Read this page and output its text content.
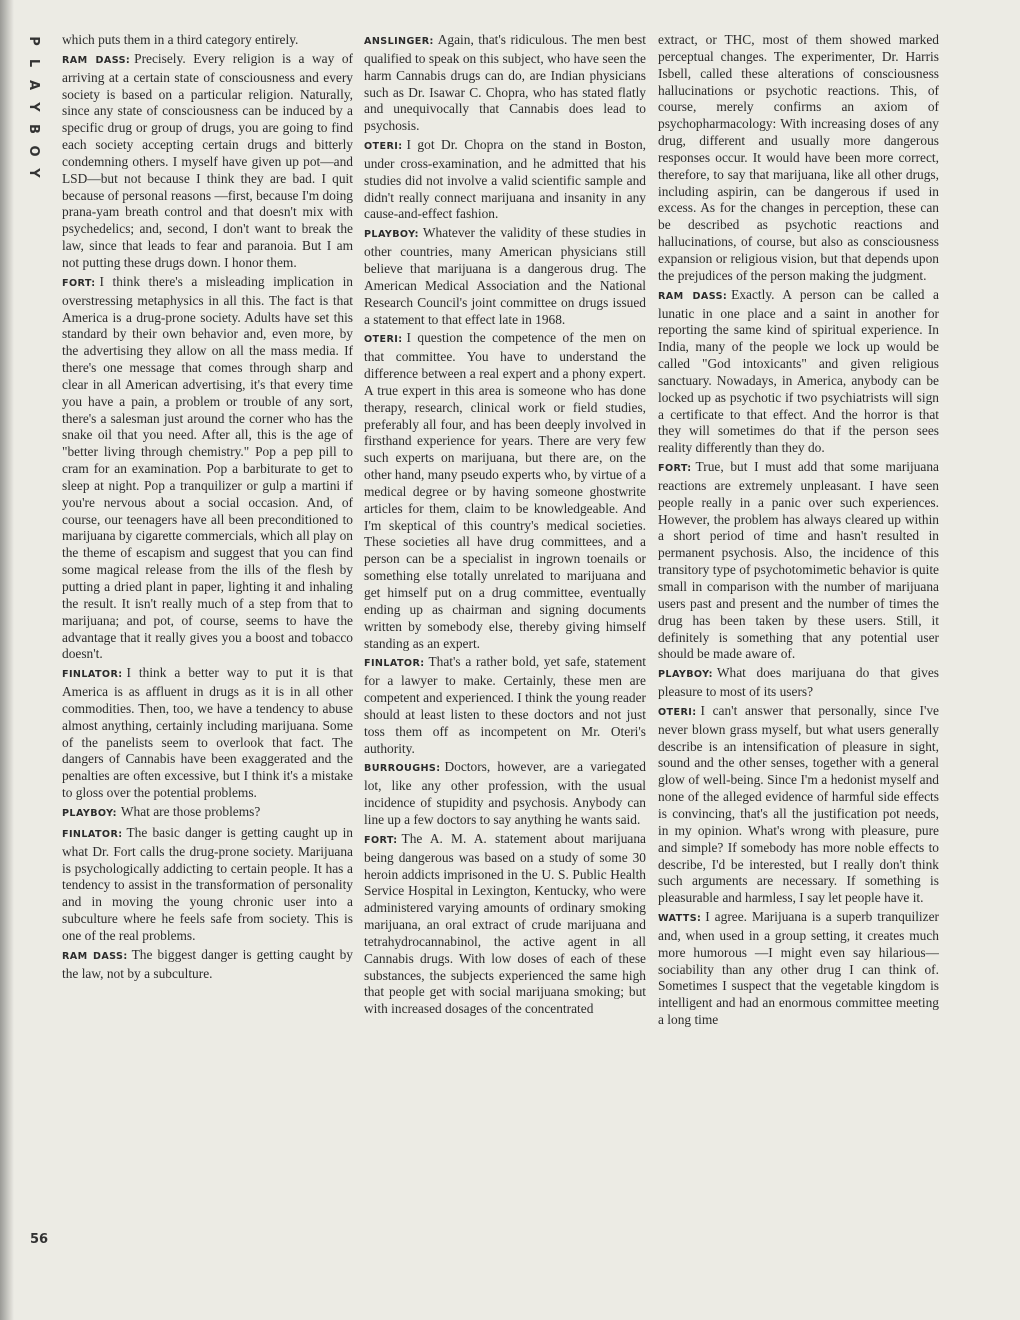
P
L
A
Y
B
O
Y

which puts them in a third category entirely.

RAM DASS: Precisely. Every religion is a way of arriving at a certain state of consciousness and every society is based on a particular religion. Naturally, since any state of consciousness can be induced by a specific drug or group of drugs, you are going to find each society accepting certain drugs and bitterly condemning others. I myself have given up pot—and LSD—but not because I think they are bad. I quit because of personal reasons —first, because I'm doing prana-yam breath control and that doesn't mix with psychedelics; and, second, I don't want to break the law, since that leads to fear and paranoia. But I am not putting these drugs down. I honor them.

FORT: I think there's a misleading implication in overstressing metaphysics in all this. The fact is that America is a drug-prone society. Adults have set this standard by their own behavior and, even more, by the advertising they allow on all the mass media. If there's one message that comes through sharp and clear in all American advertising, it's that every time you have a pain, a problem or trouble of any sort, there's a salesman just around the corner who has the snake oil that you need. After all, this is the age of "better living through chemistry." Pop a pep pill to cram for an examination. Pop a barbiturate to get to sleep at night. Pop a tranquilizer or gulp a martini if you're nervous about a social occasion. And, of course, our teenagers have all been preconditioned to marijuana by cigarette commercials, which all play on the theme of escapism and suggest that you can find some magical release from the ills of the flesh by putting a dried plant in paper, lighting it and inhaling the result. It isn't really much of a step from that to marijuana; and pot, of course, seems to have the advantage that it really gives you a boost and tobacco doesn't.

FINLATOR: I think a better way to put it is that America is as affluent in drugs as it is in all other commodities. Then, too, we have a tendency to abuse almost anything, certainly including marijuana. Some of the panelists seem to overlook that fact. The dangers of Cannabis have been exaggerated and the penalties are often excessive, but I think it's a mistake to gloss over the potential problems.

PLAYBOY: What are those problems?

FINLATOR: The basic danger is getting caught up in what Dr. Fort calls the drug-prone society. Marijuana is psychologically addicting to certain people. It has a tendency to assist in the transformation of personality and in moving the young chronic user into a subculture where he feels safe from society. This is one of the real problems.

RAM DASS: The biggest danger is getting caught by the law, not by a subculture.

ANSLINGER: Again, that's ridiculous. The men best qualified to speak on this subject, who have seen the harm Cannabis drugs can do, are Indian physicians such as Dr. Isawar C. Chopra, who has stated flatly and unequivocally that Cannabis does lead to psychosis.

OTERI: I got Dr. Chopra on the stand in Boston, under cross-examination, and he admitted that his studies did not involve a valid scientific sample and didn't really connect marijuana and insanity in any cause-and-effect fashion.

PLAYBOY: Whatever the validity of these studies in other countries, many American physicians still believe that marijuana is a dangerous drug. The American Medical Association and the National Research Council's joint committee on drugs issued a statement to that effect late in 1968.

OTERI: I question the competence of the men on that committee. You have to understand the difference between a real expert and a phony expert. A true expert in this area is someone who has done therapy, research, clinical work or field studies, preferably all four, and has been deeply involved in firsthand experience for years. There are very few such experts on marijuana, but there are, on the other hand, many pseudo experts who, by virtue of a medical degree or by having someone ghostwrite articles for them, claim to be knowledgeable. And I'm skeptical of this country's medical societies. These societies all have drug committees, and a person can be a specialist in ingrown toenails or something else totally unrelated to marijuana and get himself put on a drug committee, eventually ending up as chairman and signing documents written by somebody else, thereby giving himself standing as an expert.

FINLATOR: That's a rather bold, yet safe, statement for a lawyer to make. Certainly, these men are competent and experienced. I think the young reader should at least listen to these doctors and not just toss them off as incompetent on Mr. Oteri's authority.

BURROUGHS: Doctors, however, are a variegated lot, like any other profession, with the usual incidence of stupidity and psychosis. Anybody can line up a few doctors to say anything he wants said.

FORT: The A. M. A. statement about marijuana being dangerous was based on a study of some 30 heroin addicts imprisoned in the U. S. Public Health Service Hospital in Lexington, Kentucky, who were administered varying amounts of ordinary smoking marijuana, an oral extract of crude marijuana and tetrahydrocannabinol, the active agent in all Cannabis drugs. With low doses of each of these substances, the subjects experienced the same high that people get with social marijuana smoking; but with increased dosages of the concentrated

extract, or THC, most of them showed marked perceptual changes. The experimenter, Dr. Harris Isbell, called these alterations of consciousness hallucinations or psychotic reactions. This, of course, merely confirms an axiom of psychopharmacology: With increasing doses of any drug, different and usually more dangerous responses occur. It would have been more correct, therefore, to say that marijuana, like all other drugs, including aspirin, can be dangerous if used in excess. As for the changes in perception, these can be described as psychotic reactions and hallucinations, of course, but also as consciousness expansion or religious vision, but that depends upon the prejudices of the person making the judgment.

RAM DASS: Exactly. A person can be called a lunatic in one place and a saint in another for reporting the same kind of spiritual experience. In India, many of the people we lock up would be called "God intoxicants" and given religious sanctuary. Nowadays, in America, anybody can be locked up as psychotic if two psychiatrists will sign a certificate to that effect. And the horror is that they will sometimes do that if the person sees reality differently than they do.

FORT: True, but I must add that some marijuana reactions are extremely unpleasant. I have seen people really in a panic over such experiences. However, the problem has always cleared up within a short period of time and hasn't resulted in permanent psychosis. Also, the incidence of this transitory type of psychotomimetic behavior is quite small in comparison with the number of marijuana users past and present and the number of times the drug has been taken by these users. Still, it definitely is something that any potential user should be made aware of.

PLAYBOY: What does marijuana do that gives pleasure to most of its users?

OTERI: I can't answer that personally, since I've never blown grass myself, but what users generally describe is an intensification of pleasure in sight, sound and the other senses, together with a general glow of well-being. Since I'm a hedonist myself and none of the alleged evidence of harmful side effects is convincing, that's all the justification pot needs, in my opinion. What's wrong with pleasure, pure and simple? If somebody has more noble effects to describe, I'd be interested, but I really don't think such arguments are necessary. If something is pleasurable and harmless, I say let people have it.

WATTS: I agree. Marijuana is a superb tranquilizer and, when used in a group setting, it creates much more humorous —I might even say hilarious—sociability than any other drug I can think of. Sometimes I suspect that the vegetable kingdom is intelligent and had an enormous committee meeting a long time

56
